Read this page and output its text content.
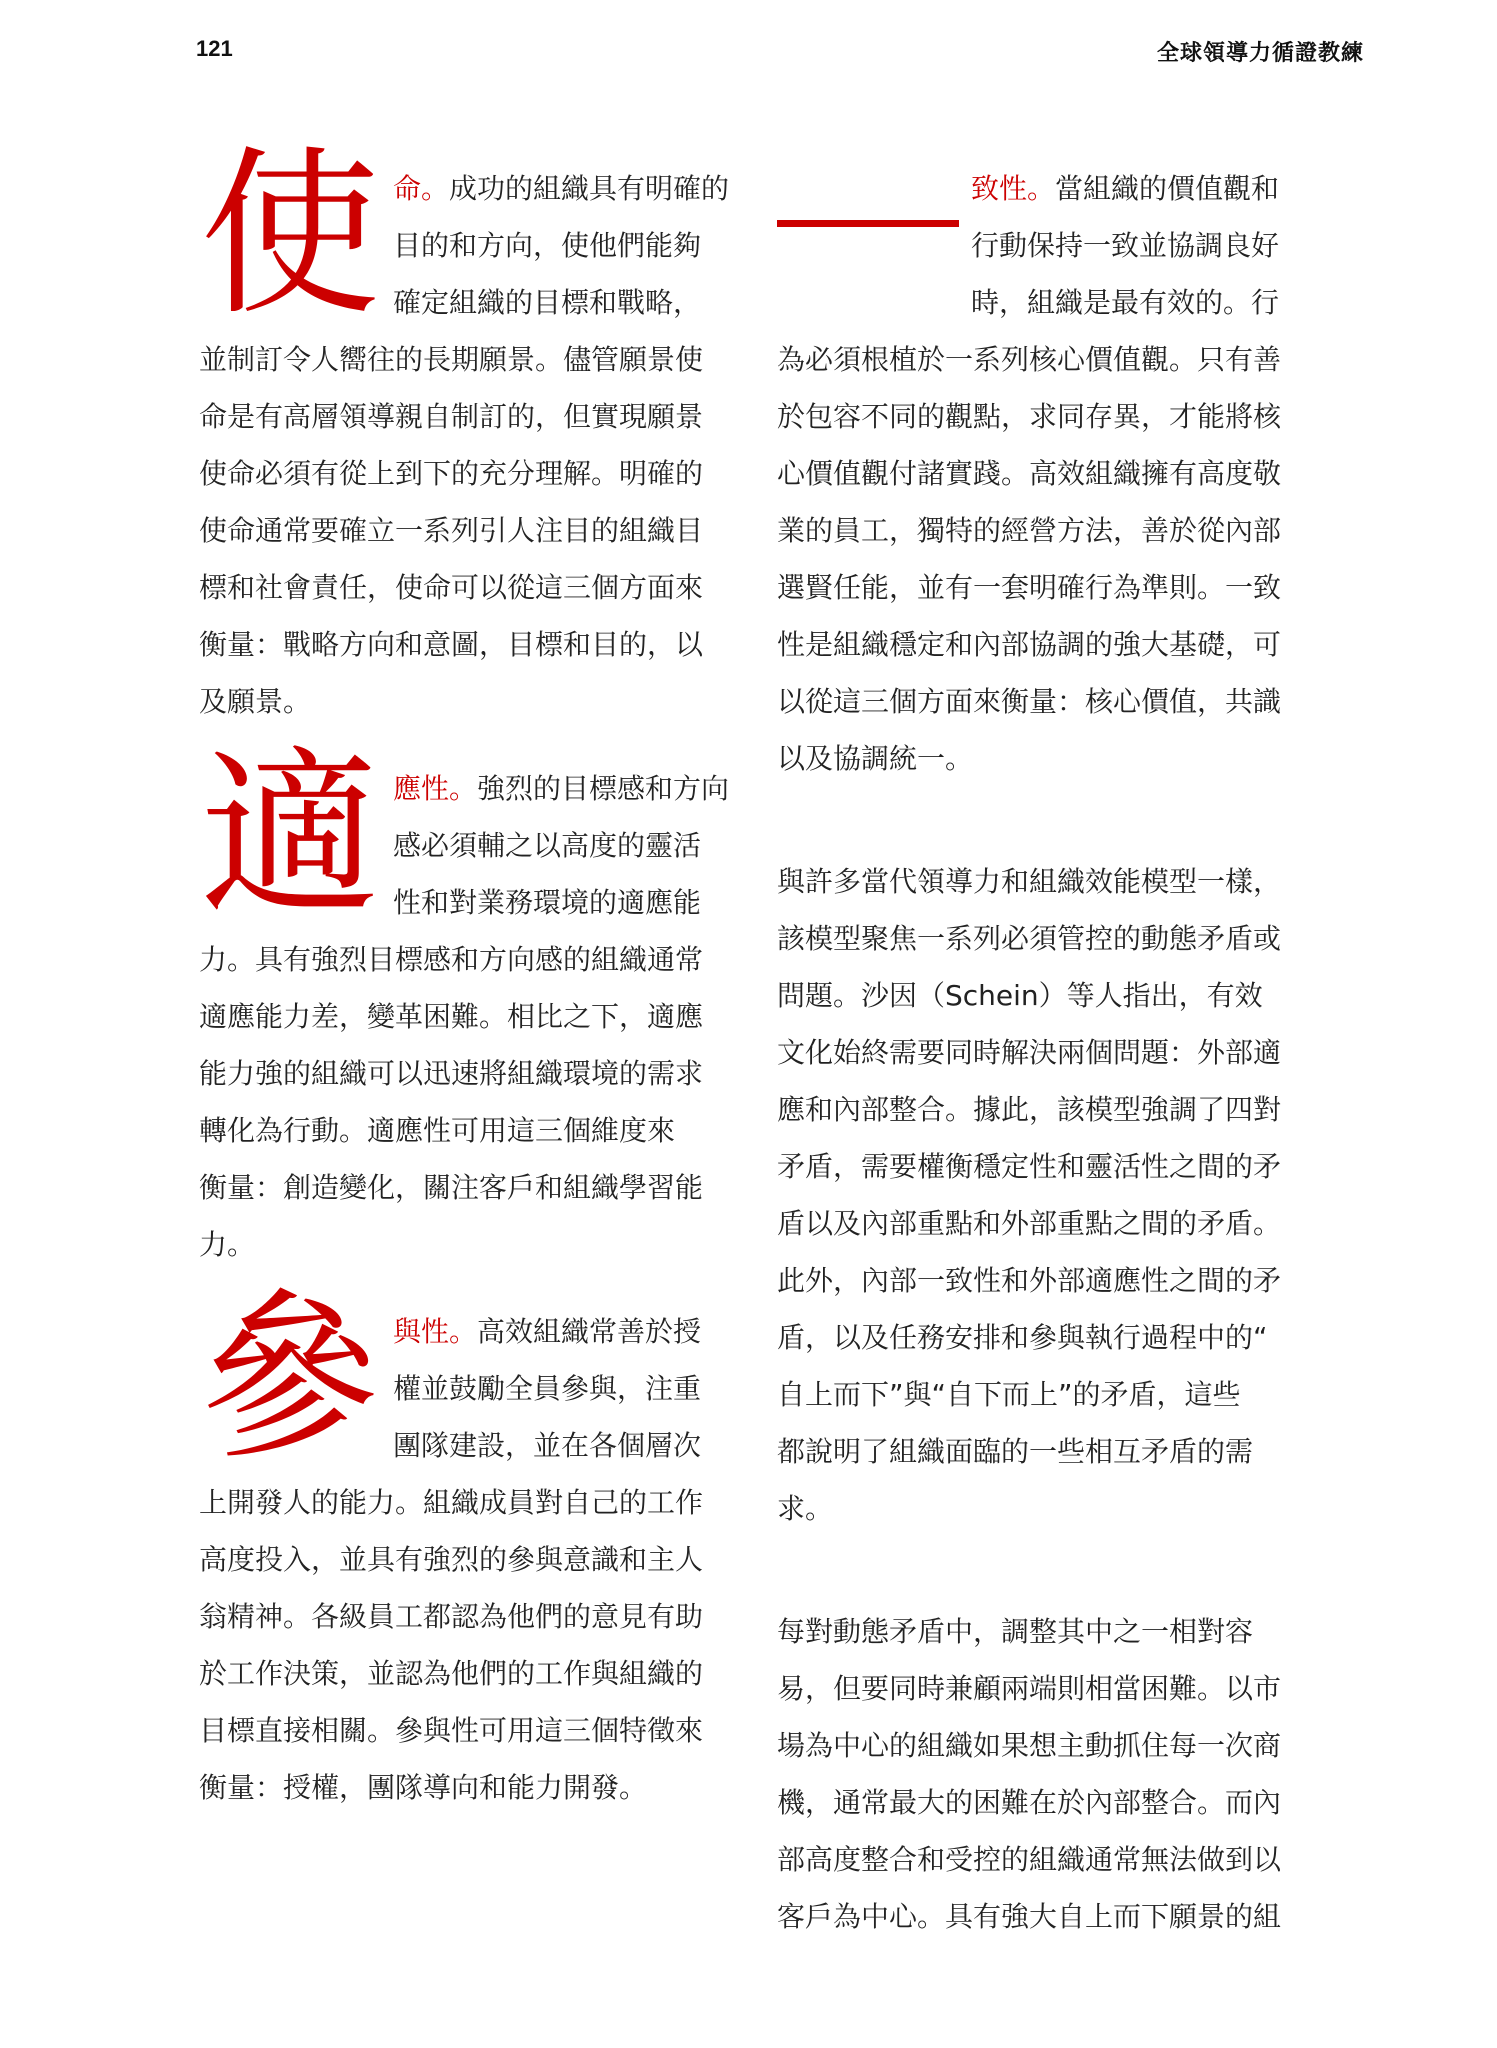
121	全球領導力循證教練
使 命。成功的組織具有明確的
目的和方向，使他們能夠
確定組織的目標和戰略，
並制訂令人嚮往的長期願景。儘管願景使
命是有高層領導親自制訂的，但實現願景
使命必須有從上到下的充分理解。明確的
使命通常要確立一系列引人注目的組織目
標和社會責任，使命可以從這三個方面來
衡量：戰略方向和意圖，目標和目的，以
及願景。
適 應性。強烈的目標感和方向
感必須輔之以高度的靈活
性和對業務環境的適應能
力。具有強烈目標感和方向感的組織通常
適應能力差，變革困難。相比之下，適應
能力強的組織可以迅速將組織環境的需求
轉化為行動。適應性可用這三個維度來
衡量：創造變化，關注客戶和組織學習能
力。
參 與性。高效組織常善於授
權並鼓勵全員參與，注重
團隊建設，並在各個層次
上開發人的能力。組織成員對自己的工作
高度投入，並具有強烈的參與意識和主人
翁精神。各級員工都認為他們的意見有助
於工作決策，並認為他們的工作與組織的
目標直接相關。參與性可用這三個特徵來
衡量：授權，團隊導向和能力開發。
致性。當組織的價值觀和
行動保持一致並協調良好
時，組織是最有效的。行
為必須根植於一系列核心價值觀。只有善
於包容不同的觀點，求同存異，才能將核
心價值觀付諸實踐。高效組織擁有高度敬
業的員工，獨特的經營方法，善於從內部
選賢任能，並有一套明確行為準則。一致
性是組織穩定和內部協調的強大基礎，可
以從這三個方面來衡量：核心價值，共識
以及協調統一。
與許多當代領導力和組織效能模型一樣，
該模型聚焦一系列必須管控的動態矛盾或
問題。沙因（Schein）等人指出，有效
文化始終需要同時解決兩個問題：外部適
應和內部整合。據此，該模型強調了四對
矛盾，需要權衡穩定性和靈活性之間的矛
盾以及內部重點和外部重點之間的矛盾。
此外，內部一致性和外部適應性之間的矛
盾，以及任務安排和參與執行過程中的“
自上而下”與“自下而上”的矛盾，這些
都說明了組織面臨的一些相互矛盾的需
求。
每對動態矛盾中，調整其中之一相對容
易，但要同時兼顧兩端則相當困難。以市
場為中心的組織如果想主動抓住每一次商
機，通常最大的困難在於內部整合。而內
部高度整合和受控的組織通常無法做到以
客戶為中心。具有強大自上而下願景的組
